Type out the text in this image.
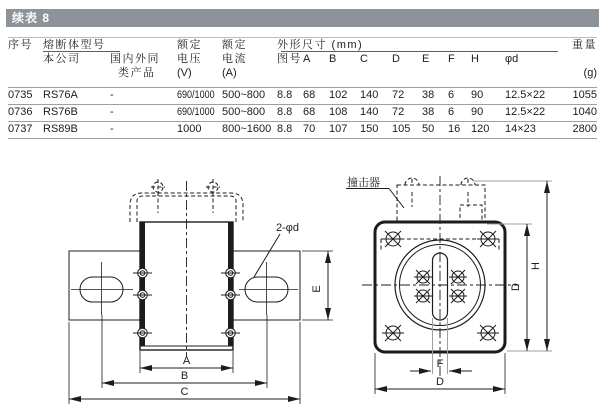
续表 8
序号 熔断体型号	额定	额定	外形尺寸 (mm)	重量
本公司	国内外同	电压	电流	图号 A	B	C	D	E	F	H	φd
类产品	(V)	(A)	(g)
0735 RS76A	-	690/1000 500~800	8.8 68	102	140	72	38	6	90	12.5×22	1055
0736 RS76B	-	690/1000 500~800	8.8 68	108	140	72	38	6	90	12.5×22	1040
0737 RS89B	-	1000	800~1600 8.8 70	107	150	105	50	16 120	14×23	2800
2-φd
A
B
C
E
撞击器
H
D
F
D
